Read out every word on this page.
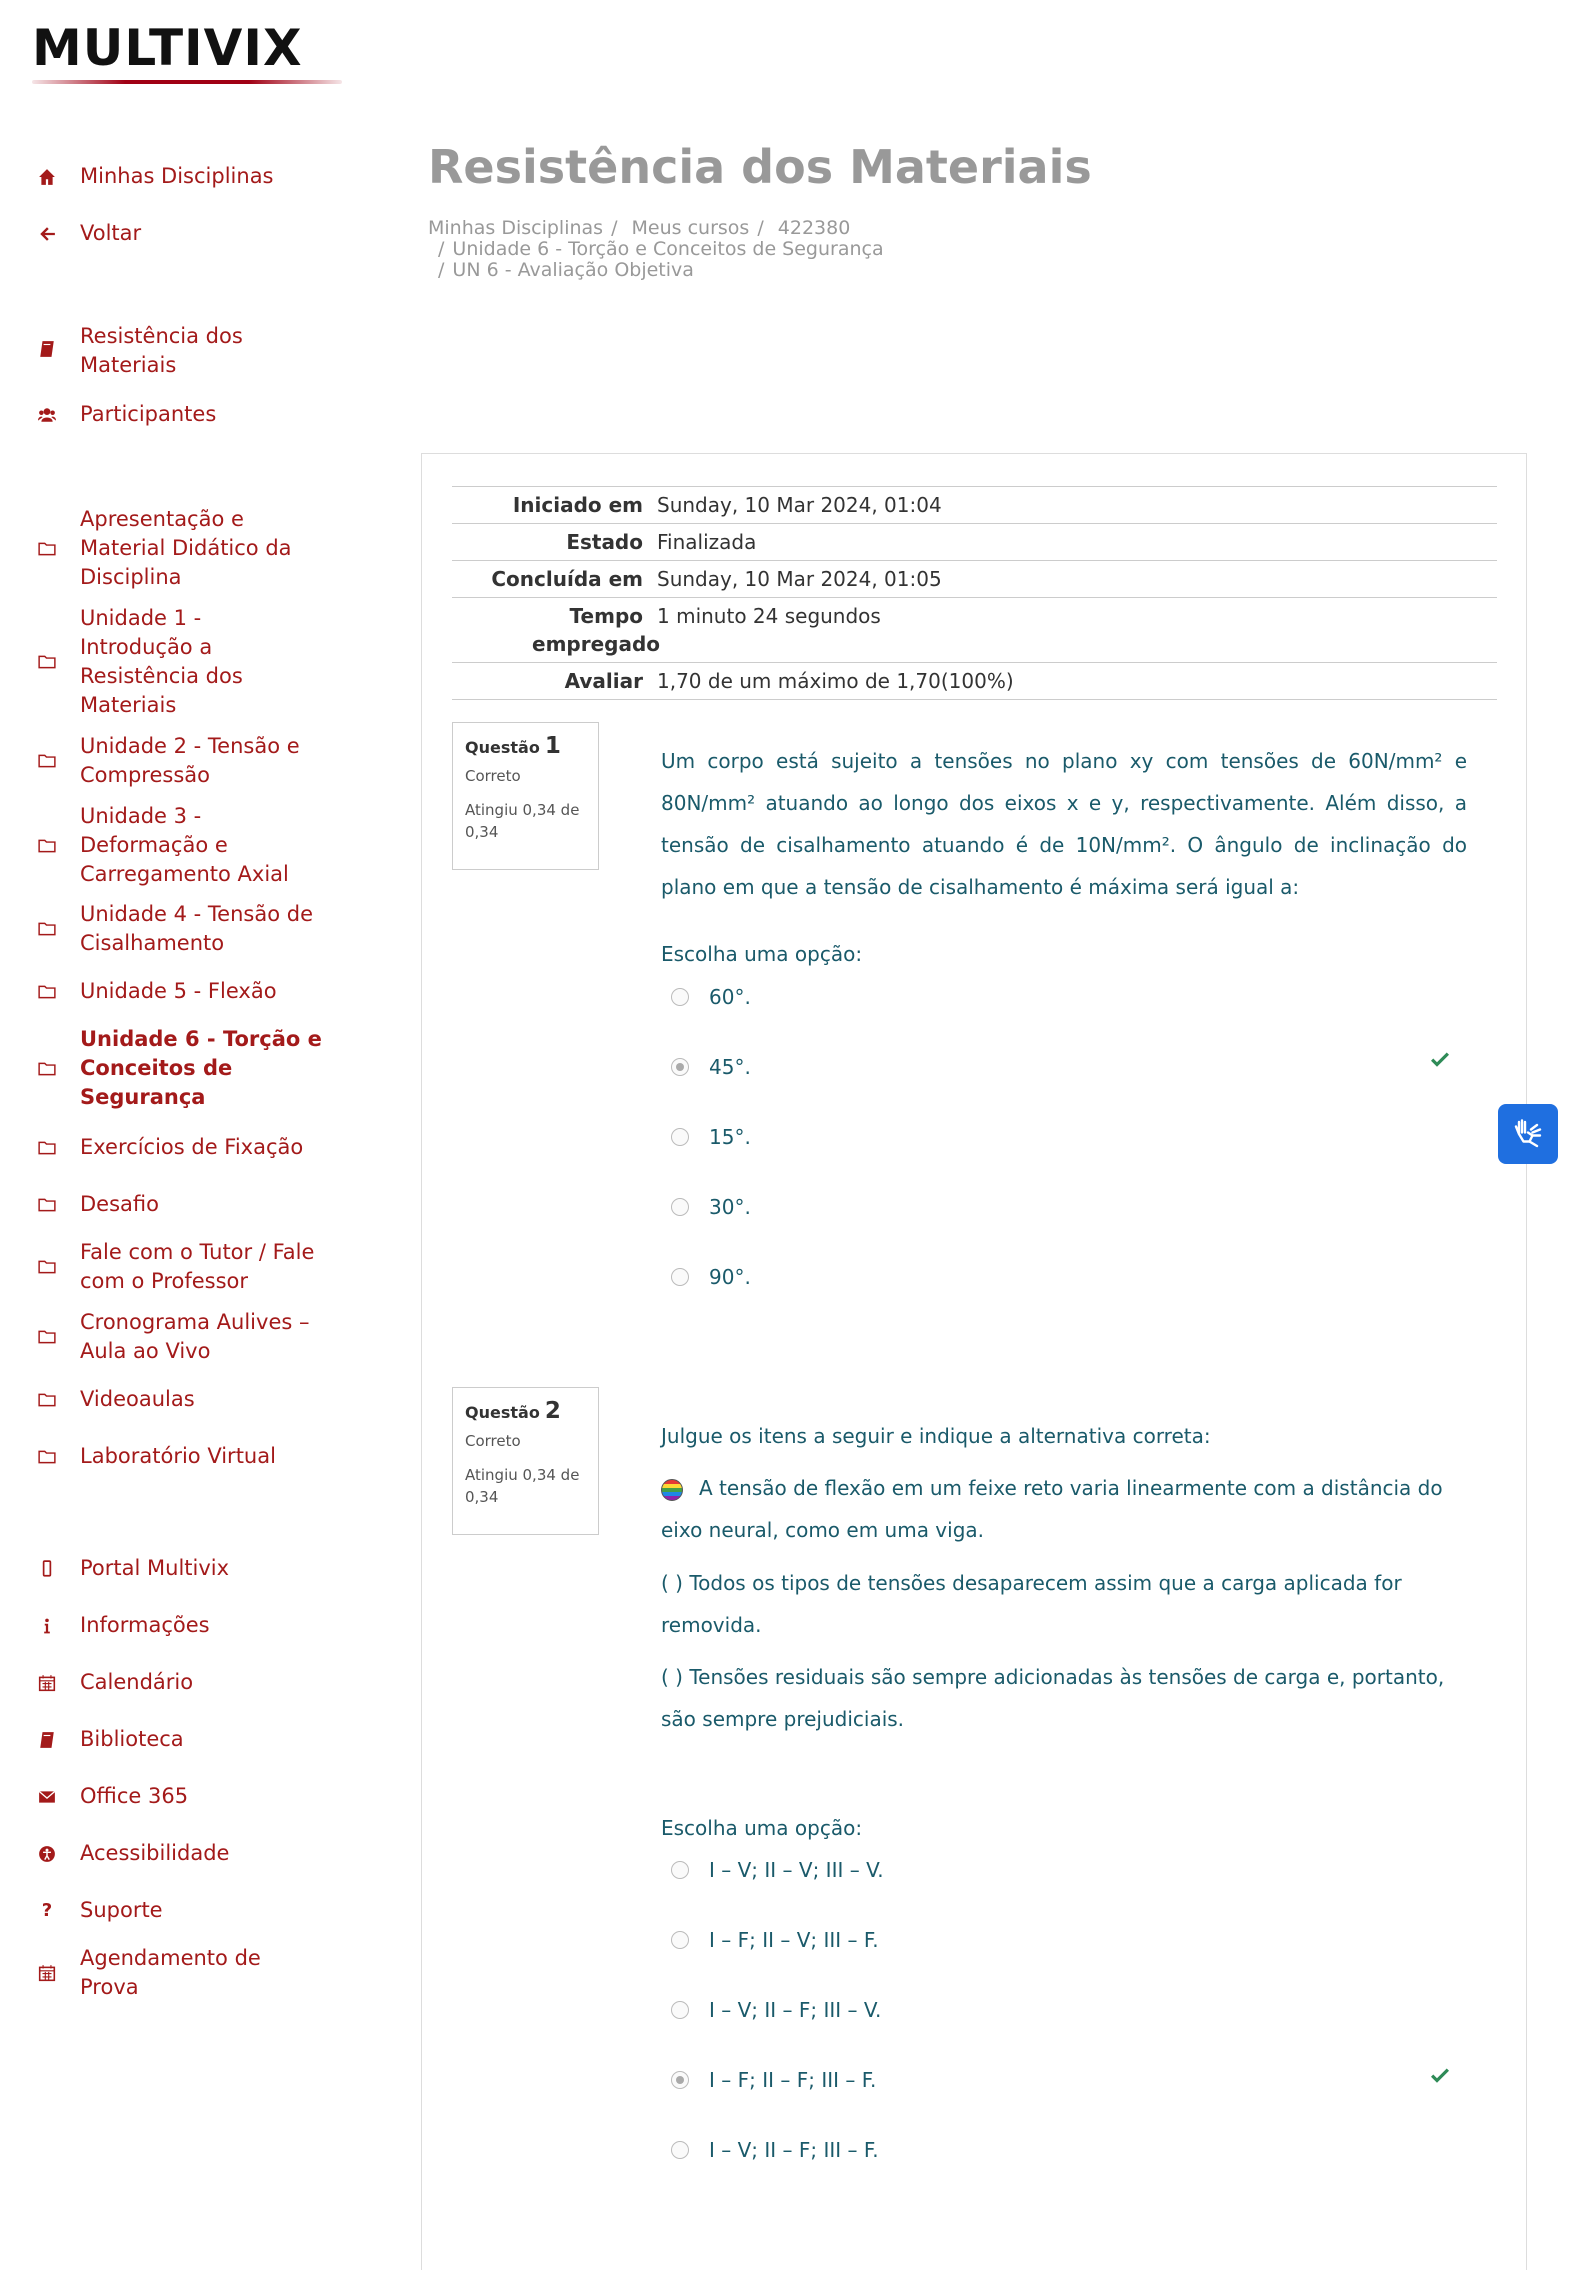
MULTIVIX
Minhas Disciplinas
Voltar
Resistência dos Materiais
Participantes
Apresentação e Material Didático da Disciplina
Unidade 1 - Introdução a Resistência dos Materiais
Unidade 2 - Tensão e Compressão
Unidade 3 - Deformação e Carregamento Axial
Unidade 4 - Tensão de Cisalhamento
Unidade 5 - Flexão
Unidade 6 - Torção e Conceitos de Segurança
Exercícios de Fixação
Desafio
Fale com o Tutor / Fale com o Professor
Cronograma Aulives – Aula ao Vivo
Videoaulas
Laboratório Virtual
Portal Multivix
Informações
Calendário
Biblioteca
Office 365
Acessibilidade
? Suporte
Agendamento de Prova
Resistência dos Materiais
Minhas Disciplinas / Meus cursos / 422380
/ Unidade 6 - Torção e Conceitos de Segurança
/ UN 6 - Avaliação Objetiva
Iniciado em Sunday, 10 Mar 2024, 01:04
Estado Finalizada
Concluída em Sunday, 10 Mar 2024, 01:05
Tempo empregado
1 minuto 24 segundos
Avaliar 1,70 de um máximo de 1,70(100%)
Questão 1
Correto
Atingiu 0,34 de 0,34
Um corpo está sujeito a tensões no plano xy com tensões de 60N/mm² e 80N/mm² atuando ao longo dos eixos x e y, respectivamente. Além disso, a tensão de cisalhamento atuando é de 10N/mm². O ângulo de inclinação do plano em que a tensão de cisalhamento é máxima será igual a:
Escolha uma opção:
60°.
45°.
15°.
30°.
90°.
Questão 2
Correto
Atingiu 0,34 de 0,34
Julgue os itens a seguir e indique a alternativa correta:
A tensão de flexão em um feixe reto varia linearmente com a distância do eixo neural, como em uma viga.
( ) Todos os tipos de tensões desaparecem assim que a carga aplicada for removida.
( ) Tensões residuais são sempre adicionadas às tensões de carga e, portanto, são sempre prejudiciais.
Escolha uma opção:
I – V; II – V; III – V.
I – F; II – V; III – F.
I – V; II – F; III – V.
I – F; II – F; III – F.
I – V; II – F; III – F.
